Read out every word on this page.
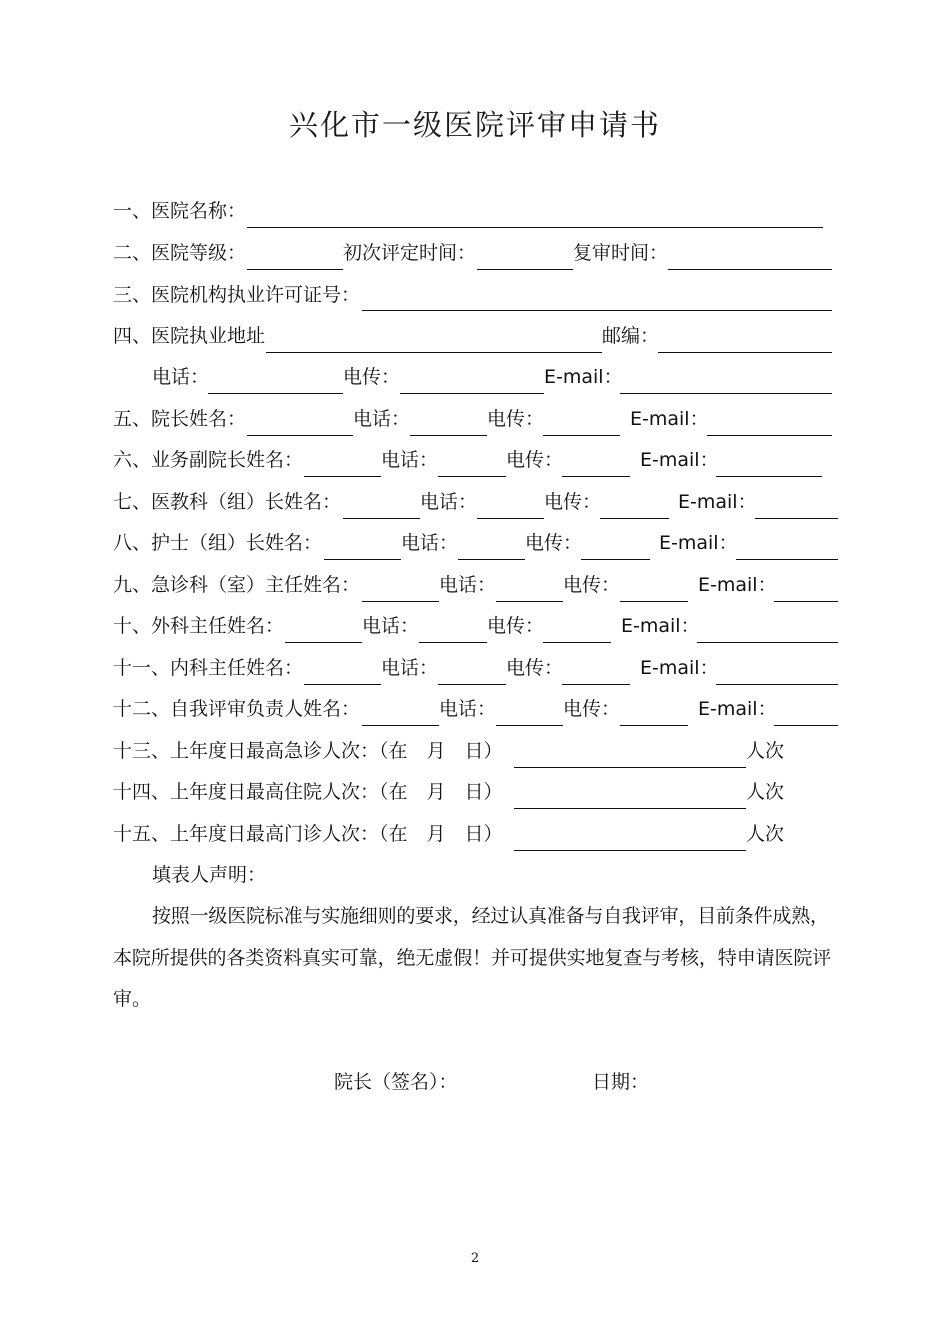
兴化市一级医院评审申请书
一、医院名称：
二、医院等级：	初次评定时间：	复审时间：
三、医院机构执业许可证号：
四、医院执业地址	邮编：
电话：	电传：	E-mail：
五、院长姓名：	电话：	电传：	E-mail：
六、业务副院长姓名：	电话：	电传：	E-mail：
七、医教科（组）长姓名：	电话：	电传：	E-mail：
八、护士（组）长姓名：	电话：	电传：	E-mail：
九、急诊科（室）主任姓名：	电话：	电传：	E-mail：
十、外科主任姓名：	电话：	电传：	E-mail：
十一、内科主任姓名：	电话：	电传：	E-mail：
十二、自我评审负责人姓名：	电话：	电传：	E-mail：
十三、上年度日最高急诊人次：（在　月　日）	人次
十四、上年度日最高住院人次：（在　月　日）	人次
十五、上年度日最高门诊人次：（在　月　日）	人次
填表人声明：
按照一级医院标准与实施细则的要求，经过认真准备与自我评审，目前条件成熟，
本院所提供的各类资料真实可靠，绝无虚假！并可提供实地复查与考核，特申请医院评
审。
院长（签名）：	日期：
2
